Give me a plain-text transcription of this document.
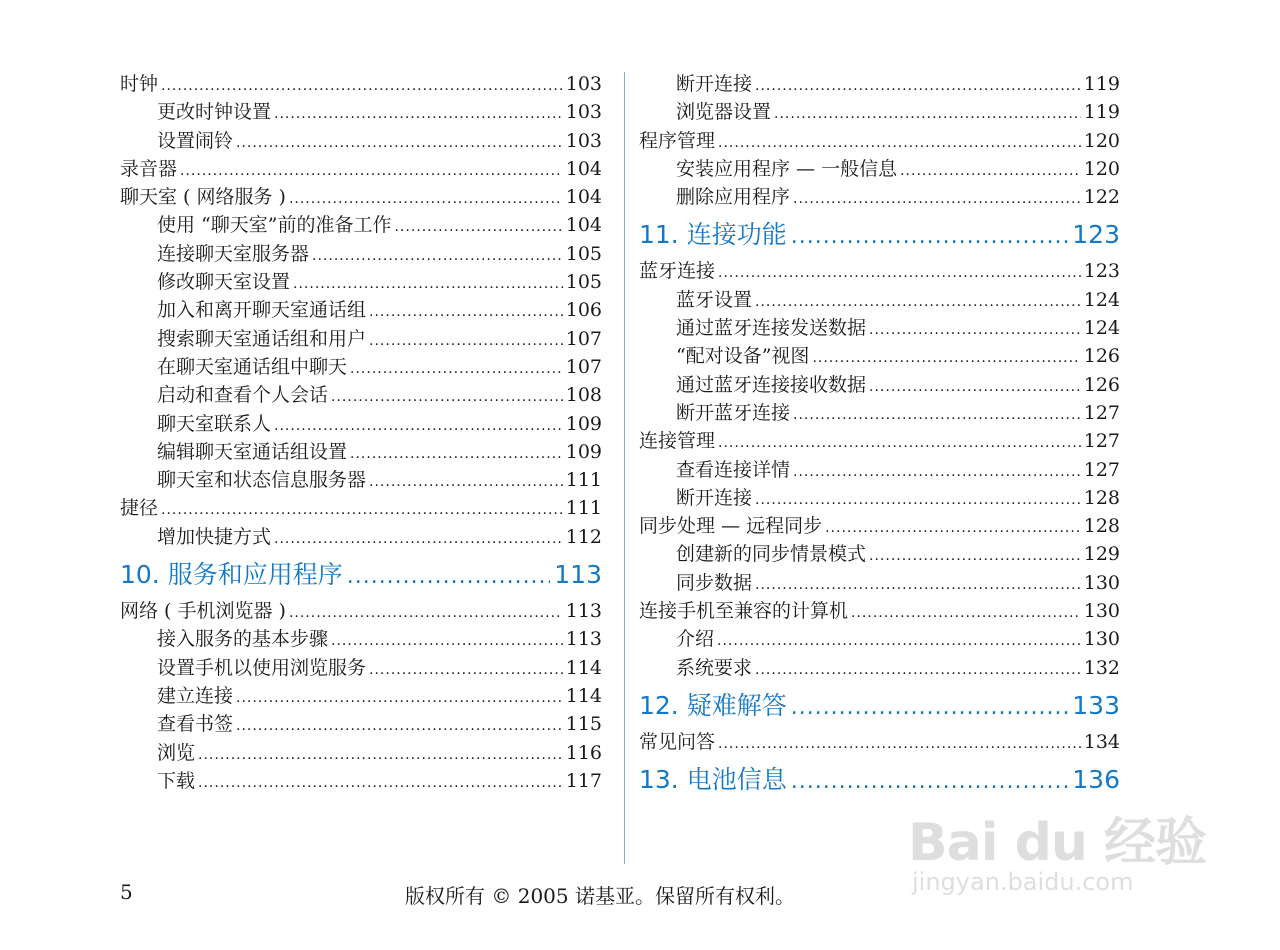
时钟 .....	103
更改时钟设置 .....	103
设置闹铃 .....	103
录音器 .....	104
聊天室 ( 网络服务 ) .....	104
使用 “聊天室”前的准备工作 .....	104
连接聊天室服务器 .....	105
修改聊天室设置 .....	105
加入和离开聊天室通话组 .....	106
搜索聊天室通话组和用户 .....	107
在聊天室通话组中聊天 .....	107
启动和查看个人会话 .....	108
聊天室联系人 .....	109
编辑聊天室通话组设置 .....	109
聊天室和状态信息服务器 .....	111
捷径 .....	111
增加快捷方式 .....	112
10. 服务和应用程序 .....	113
网络 ( 手机浏览器 ) .....	113
接入服务的基本步骤 .....	113
设置手机以使用浏览服务 .....	114
建立连接 .....	114
查看书签 .....	115
浏览 .....	116
下载 .....	117
断开连接 .....	119
浏览器设置 .....	119
程序管理 .....	120
安装应用程序 — 一般信息 .....	120
删除应用程序 .....	122
11. 连接功能 .....	123
蓝牙连接 .....	123
蓝牙设置 .....	124
通过蓝牙连接发送数据 .....	124
“配对设备”视图 .....	126
通过蓝牙连接接收数据 .....	126
断开蓝牙连接 .....	127
连接管理 .....	127
查看连接详情 .....	127
断开连接 .....	128
同步处理 — 远程同步 .....	128
创建新的同步情景模式 .....	129
同步数据 .....	130
连接手机至兼容的计算机 .....	130
介绍 .....	130
系统要求 .....	132
12. 疑难解答 .....	133
常见问答 .....	134
13. 电池信息 .....	136
5	版权所有 © 2005 诺基亚。保留所有权利。
Bai du 经验
jingyan.baidu.com
